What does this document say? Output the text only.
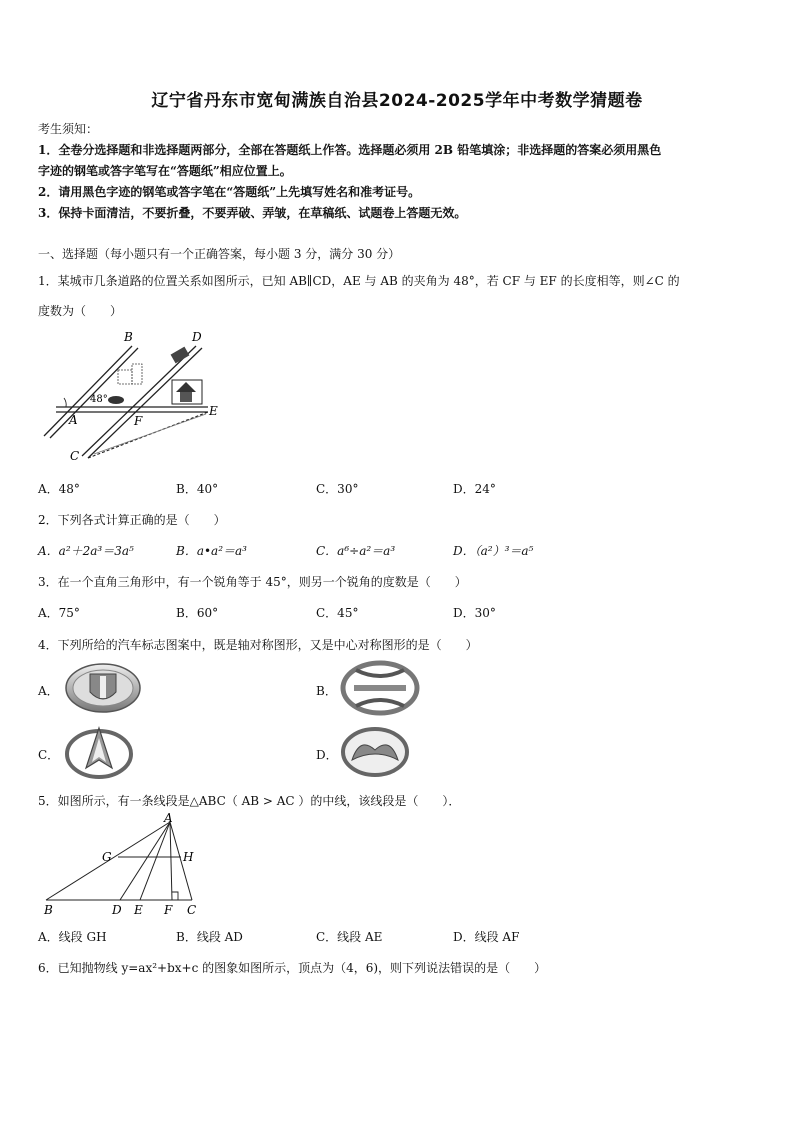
辽宁省丹东市宽甸满族自治县2024-2025学年中考数学猜题卷
考生须知：
1．全卷分选择题和非选择题两部分，全部在答题纸上作答。选择题必须用 2B 铅笔填涂；非选择题的答案必须用黑色
字迹的钢笔或答字笔写在“答题纸”相应位置上。
2．请用黑色字迹的钢笔或答字笔在“答题纸”上先填写姓名和准考证号。
3．保持卡面清洁，不要折叠，不要弄破、弄皱，在草稿纸、试题卷上答题无效。
一、选择题（每小题只有一个正确答案，每小题 3 分，满分 30 分）
1．某城市几条道路的位置关系如图所示，已知 AB∥CD，AE 与 AB 的夹角为 48°，若 CF 与 EF 的长度相等，则∠C 的
度数为（　　）
B	D
48°
A	F
E
C
A．48°	B．40°	C．30°	D．24°
2．下列各式计算正确的是（　　）
A．a²＋2a³＝3a⁵	B．a•a²＝a³	C．a⁶÷a²＝a³	D．（a²）³＝a⁵
3．在一个直角三角形中，有一个锐角等于 45°，则另一个锐角的度数是（　　）
A．75°	B．60°	C．45°	D．30°
4．下列所给的汽车标志图案中，既是轴对称图形，又是中心对称图形的是（　　）
A．	B．
C．	D．
5．如图所示，有一条线段是△ABC（ AB > AC ）的中线，该线段是（　　）．
A
G	H
B	D E F C
A．线段 GH	B．线段 AD	C．线段 AE	D．线段 AF
6．已知抛物线 y=ax²+bx+c 的图象如图所示，顶点为（4，6)，则下列说法错误的是（　　）
